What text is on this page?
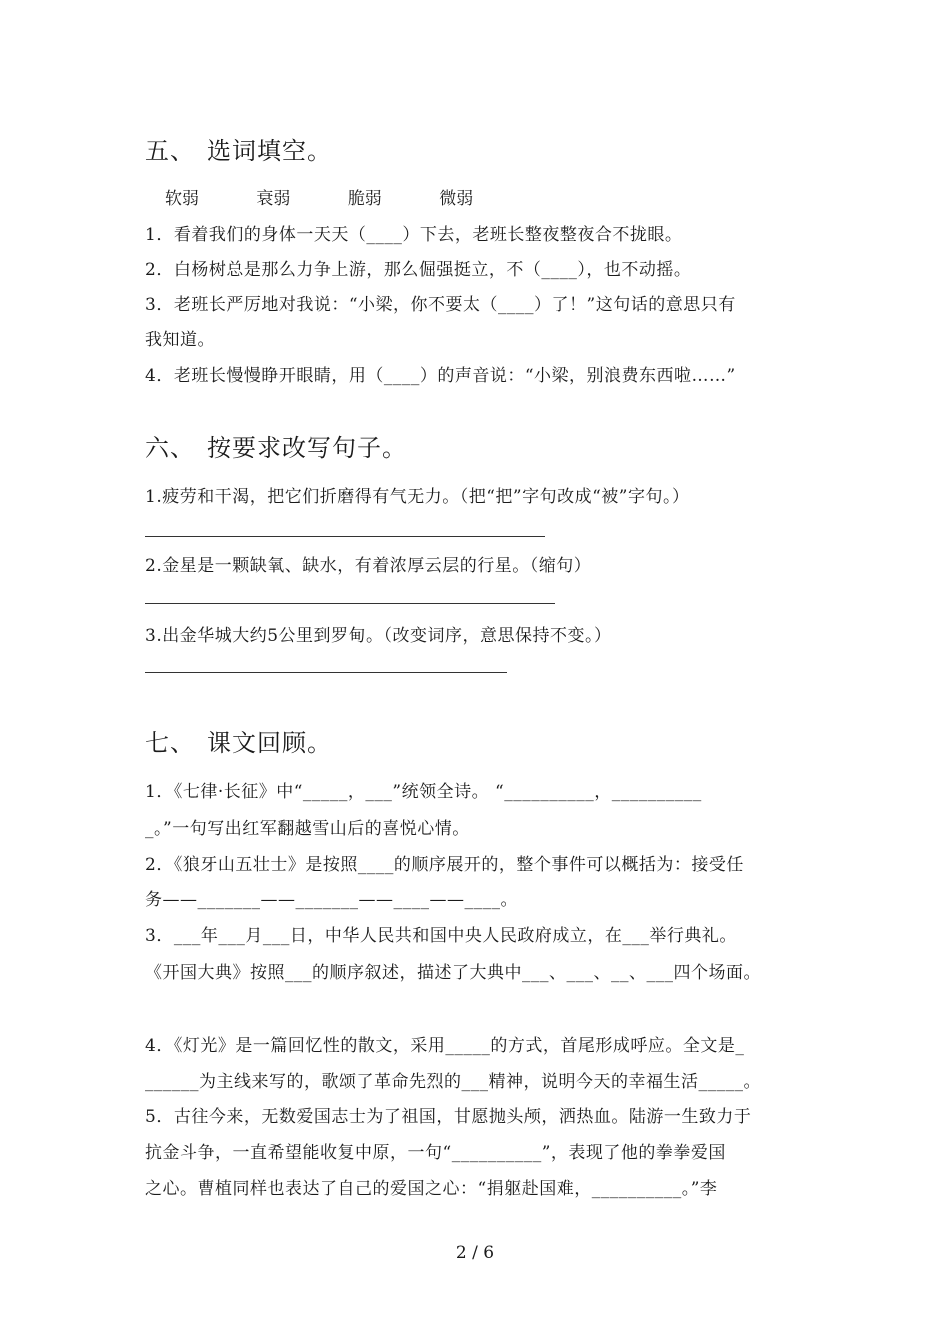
五、 选词填空。
软弱	衰弱	脆弱	微弱
1．看着我们的身体一天天（____）下去，老班长整夜整夜合不拢眼。
2．白杨树总是那么力争上游，那么倔强挺立，不（____），也不动摇。
3．老班长严厉地对我说：“小梁，你不要太（____）了！”这句话的意思只有
我知道。
4．老班长慢慢睁开眼睛，用（____）的声音说：“小梁，别浪费东西啦……”
六、 按要求改写句子。
1.疲劳和干渴，把它们折磨得有气无力。（把“把”字句改成“被”字句。）
2.金星是一颗缺氧、缺水，有着浓厚云层的行星。（缩句）
3.出金华城大约5公里到罗甸。（改变词序，意思保持不变。）
七、 课文回顾。
1．《七律·长征》中“_____，___”统领全诗。 “__________，__________
_。”一句写出红军翻越雪山后的喜悦心情。
2．《狼牙山五壮士》是按照____的顺序展开的，整个事件可以概括为：接受任
务——_______——_______——____——____。
3．___年___月___日，中华人民共和国中央人民政府成立，在___举行典礼。
《开国大典》按照___的顺序叙述，描述了大典中___、___、__、___四个场面。
4．《灯光》是一篇回忆性的散文，采用_____的方式，首尾形成呼应。全文是_
______为主线来写的，歌颂了革命先烈的___精神，说明今天的幸福生活_____。
5．古往今来，无数爱国志士为了祖国，甘愿抛头颅，洒热血。陆游一生致力于
抗金斗争，一直希望能收复中原，一句“__________”，表现了他的拳拳爱国
之心。曹植同样也表达了自己的爱国之心：“捐躯赴国难，__________。”李
2 / 6
